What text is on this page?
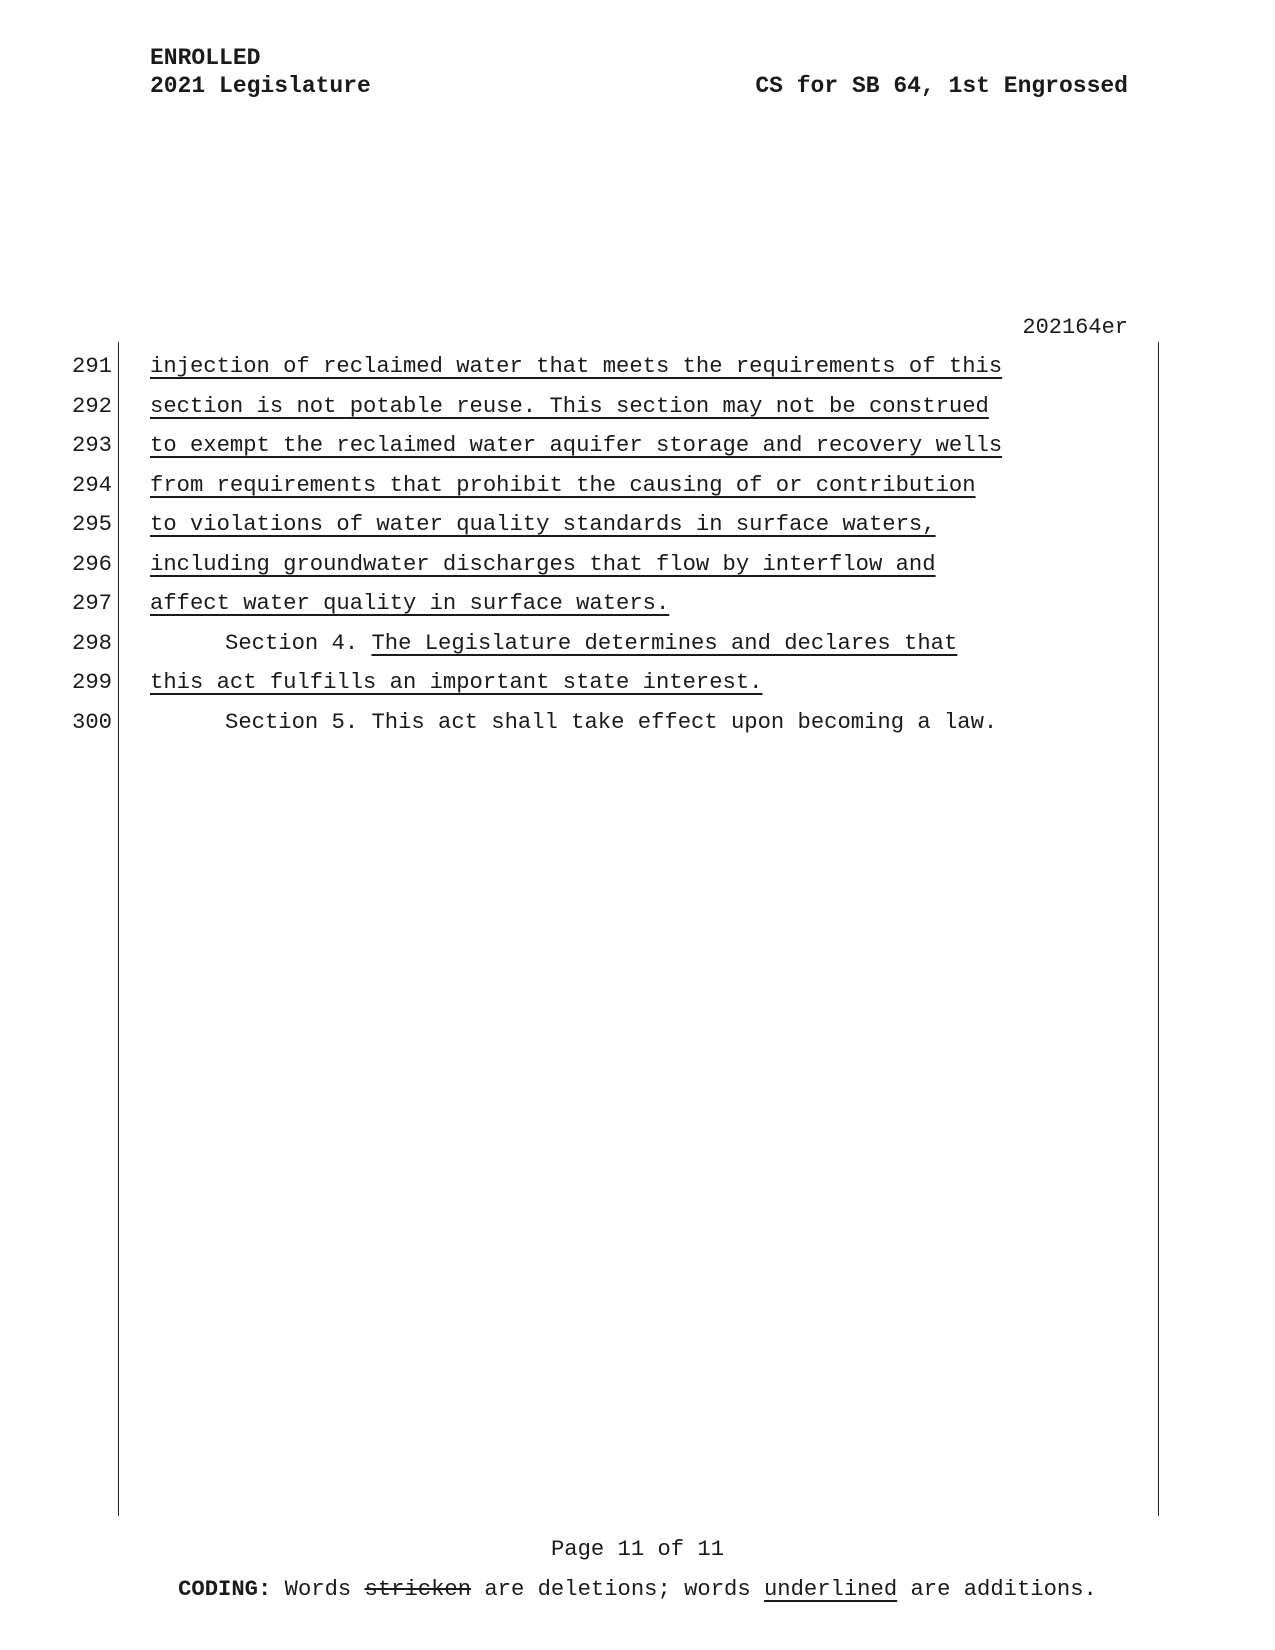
ENROLLED
2021 Legislature	CS for SB 64, 1st Engrossed
202164er
291 injection of reclaimed water that meets the requirements of this
292 section is not potable reuse. This section may not be construed
293 to exempt the reclaimed water aquifer storage and recovery wells
294 from requirements that prohibit the causing of or contribution
295 to violations of water quality standards in surface waters,
296 including groundwater discharges that flow by interflow and
297 affect water quality in surface waters.
298	Section 4. The Legislature determines and declares that
299 this act fulfills an important state interest.
300	Section 5. This act shall take effect upon becoming a law.
Page 11 of 11
CODING: Words stricken are deletions; words underlined are additions.
